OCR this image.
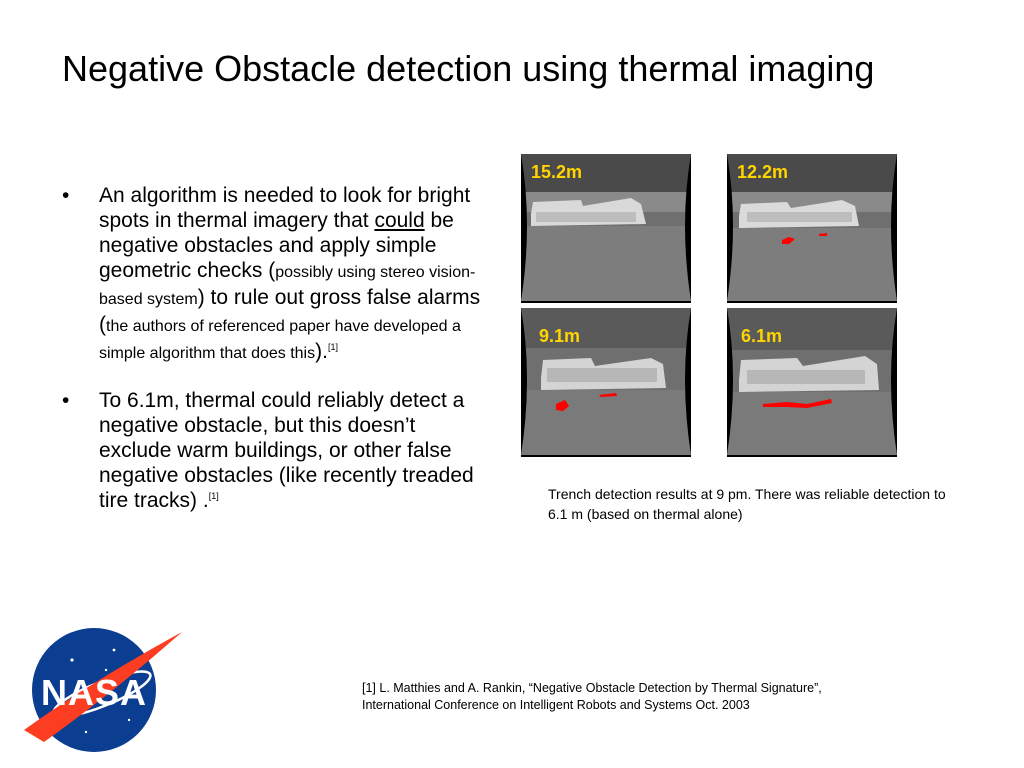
Negative Obstacle detection using thermal imaging
• An algorithm is needed to look for bright spots in thermal imagery that could be negative obstacles and apply simple geometric checks (possibly using stereo vision-based system) to rule out gross false alarms (the authors of referenced paper have developed a simple algorithm that does this).[1]
• To 6.1m, thermal could reliably detect a negative obstacle, but this doesn’t exclude warm buildings, or other false negative obstacles (like recently treaded tire tracks) .[1]
15.2m	12.2m
9.1m	6.1m
Trench detection results at 9 pm. There was reliable detection to 6.1 m (based on thermal alone)
[1] L. Matthies and A. Rankin, “Negative Obstacle Detection by Thermal Signature”,
International Conference on Intelligent Robots and Systems Oct. 2003
NASA
